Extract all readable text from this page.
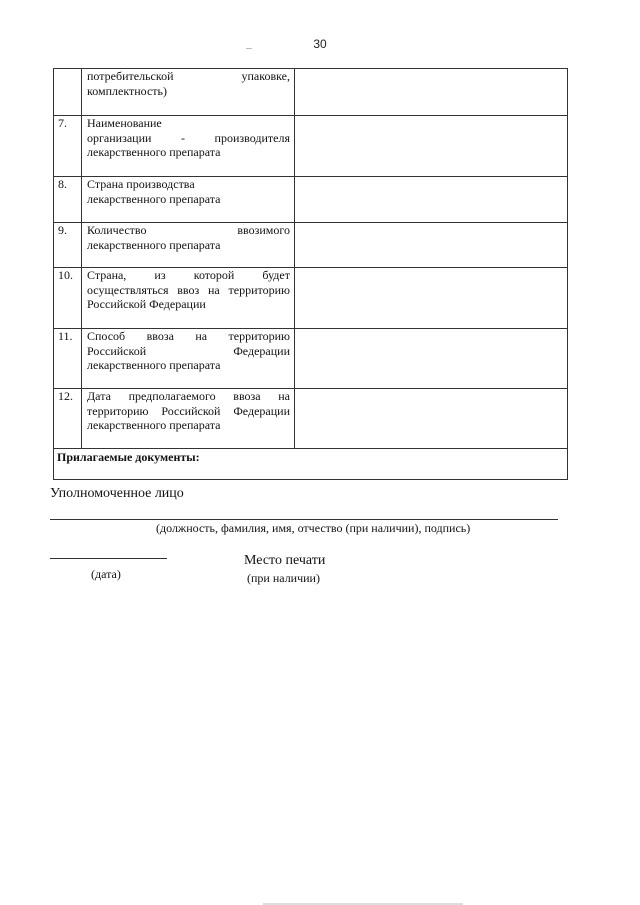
30
потребительской упаковке,
комплектность)
7.	Наименование
организации - производителя
лекарственного препарата
8.	Страна производства
лекарственного препарата
9.	Количество ввозимого
лекарственного препарата
10.	Страна, из которой будет
осуществляться ввоз на территорию
Российской Федерации
11.	Способ ввоза на территорию
Российской Федерации
лекарственного препарата
12.	Дата предполагаемого ввоза на
территорию Российской Федерации
лекарственного препарата
Прилагаемые документы:
Уполномоченное лицо
(должность, фамилия, имя, отчество (при наличии), подпись)
(дата)
Место печати
(при наличии)
